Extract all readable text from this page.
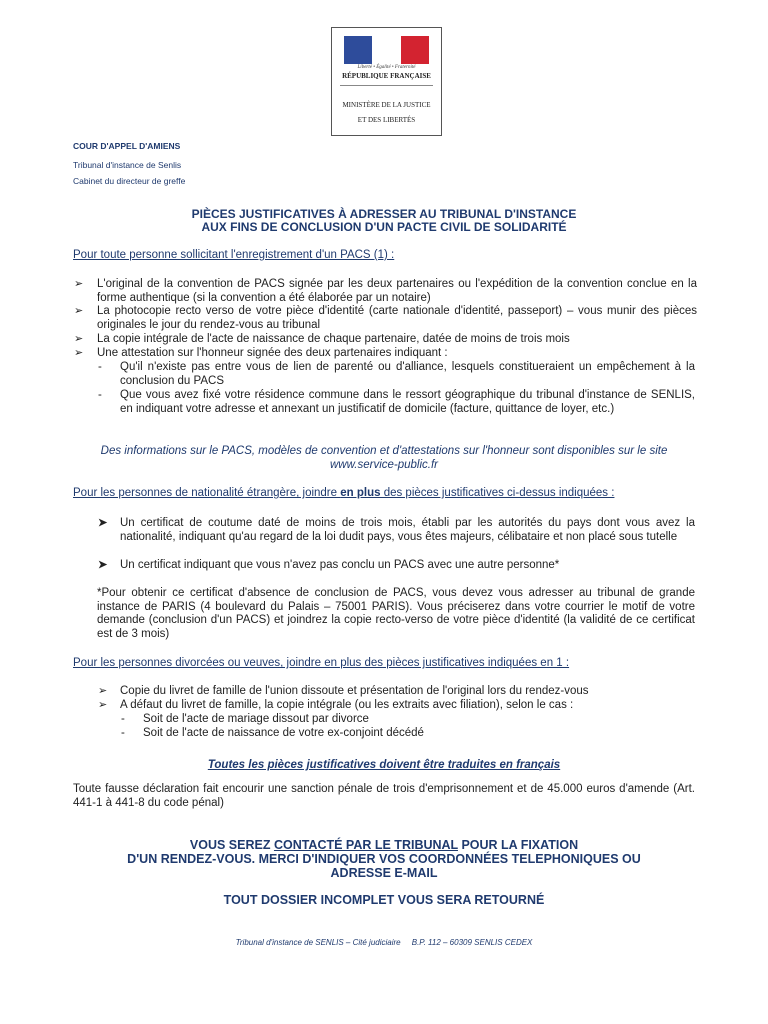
Liberté • Égalité • Fraternité
RÉPUBLIQUE FRANÇAISE
MINISTÈRE DE LA JUSTICE
ET DES LIBERTÉS
COUR D'APPEL D'AMIENS
Tribunal d'instance de Senlis
Cabinet du directeur de greffe
PIÈCES JUSTIFICATIVES À ADRESSER AU TRIBUNAL D'INSTANCE
AUX FINS DE CONCLUSION D'UN PACTE CIVIL DE SOLIDARITÉ
Pour toute personne sollicitant l'enregistrement d'un PACS (1) :
➢ L'original de la convention de PACS signée par les deux partenaires ou l'expédition de la convention conclue en la forme authentique (si la convention a été élaborée par un notaire)
➢ La photocopie recto verso de votre pièce d'identité (carte nationale d'identité, passeport) – vous munir des pièces originales le jour du rendez-vous au tribunal
➢ La copie intégrale de l'acte de naissance de chaque partenaire, datée de moins de trois mois
➢ Une attestation sur l'honneur signée des deux partenaires indiquant :
- Qu'il n'existe pas entre vous de lien de parenté ou d'alliance, lesquels constitueraient un empêchement à la conclusion du PACS
- Que vous avez fixé votre résidence commune dans le ressort géographique du tribunal d'instance de SENLIS, en indiquant votre adresse et annexant un justificatif de domicile (facture, quittance de loyer, etc.)
Des informations sur le PACS, modèles de convention et d'attestations sur l'honneur sont disponibles sur le site www.service-public.fr
Pour les personnes de nationalité étrangère, joindre en plus des pièces justificatives ci-dessus indiquées :
➤ Un certificat de coutume daté de moins de trois mois, établi par les autorités du pays dont vous avez la nationalité, indiquant qu'au regard de la loi dudit pays, vous êtes majeurs, célibataire et non placé sous tutelle
➤ Un certificat indiquant que vous n'avez pas conclu un PACS avec une autre personne*
*Pour obtenir ce certificat d'absence de conclusion de PACS, vous devez vous adresser au tribunal de grande instance de PARIS (4 boulevard du Palais – 75001 PARIS). Vous préciserez dans votre courrier le motif de votre demande (conclusion d'un PACS) et joindrez la copie recto-verso de votre pièce d'identité (la validité de ce certificat est de 3 mois)
Pour les personnes divorcées ou veuves, joindre en plus des pièces justificatives indiquées en 1 :
➢ Copie du livret de famille de l'union dissoute et présentation de l'original lors du rendez-vous
➢ A défaut du livret de famille, la copie intégrale (ou les extraits avec filiation), selon le cas :
- Soit de l'acte de mariage dissout par divorce
- Soit de l'acte de naissance de votre ex-conjoint décédé
Toutes les pièces justificatives doivent être traduites en français
Toute fausse déclaration fait encourir une sanction pénale de trois d'emprisonnement et de 45.000 euros d'amende (Art. 441-1 à 441-8 du code pénal)
VOUS SEREZ CONTACTÉ PAR LE TRIBUNAL POUR LA FIXATION
D'UN RENDEZ-VOUS. MERCI D'INDIQUER VOS COORDONNÉES TELEPHONIQUES OU
ADRESSE E-MAIL
TOUT DOSSIER INCOMPLET VOUS SERA RETOURNÉ
Tribunal d'instance de SENLIS – Cité judiciaire     B.P. 112 – 60309 SENLIS CEDEX
